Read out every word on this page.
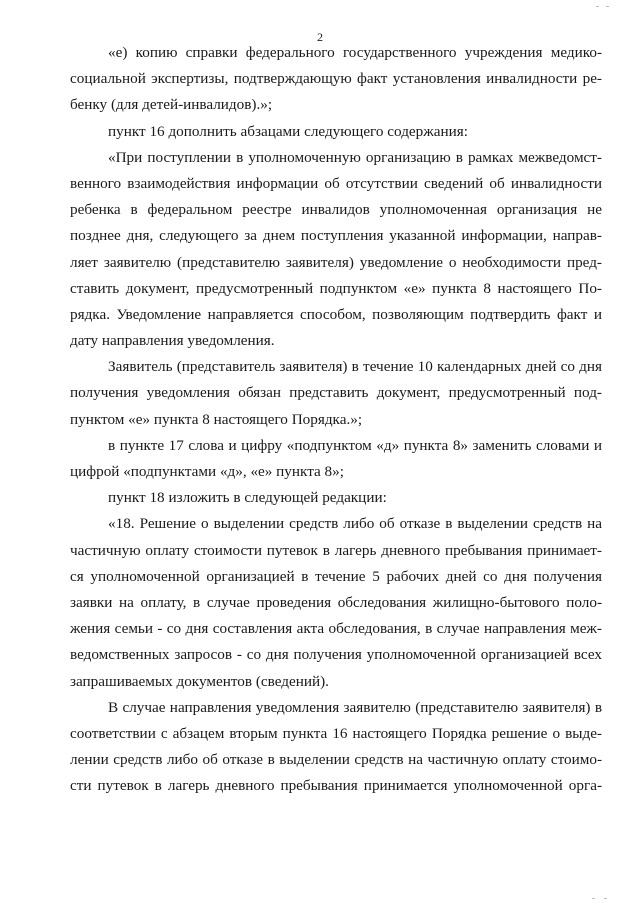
2
«е) копию справки федерального государственного учреждения медико-
социальной экспертизы, подтверждающую факт установления инвалидности ре-
бенку (для детей-инвалидов).»;
пункт 16 дополнить абзацами следующего содержания:
«При поступлении в уполномоченную организацию в рамках межведомст-
венного взаимодействия информации об отсутствии сведений об инвалидности
ребенка в федеральном реестре инвалидов уполномоченная организация не
позднее дня, следующего за днем поступления указанной информации, направ-
ляет заявителю (представителю заявителя) уведомление о необходимости пред-
ставить документ, предусмотренный подпунктом «е» пункта 8 настоящего По-
рядка. Уведомление направляется способом, позволяющим подтвердить факт и
дату направления уведомления.
Заявитель (представитель заявителя) в течение 10 календарных дней со дня
получения уведомления обязан представить документ, предусмотренный под-
пунктом «е» пункта 8 настоящего Порядка.»;
в пункте 17 слова и цифру «подпунктом «д» пункта 8» заменить словами и
цифрой «подпунктами «д», «е» пункта 8»;
пункт 18 изложить в следующей редакции:
«18. Решение о выделении средств либо об отказе в выделении средств на
частичную оплату стоимости путевок в лагерь дневного пребывания принимает-
ся уполномоченной организацией в течение 5 рабочих дней со дня получения
заявки на оплату, в случае проведения обследования жилищно-бытового поло-
жения семьи - со дня составления акта обследования, в случае направления меж-
ведомственных запросов - со дня получения уполномоченной организацией всех
запрашиваемых документов (сведений).
В случае направления уведомления заявителю (представителю заявителя) в
соответствии с абзацем вторым пункта 16 настоящего Порядка решение о выде-
лении средств либо об отказе в выделении средств на частичную оплату стоимо-
сти путевок в лагерь дневного пребывания принимается уполномоченной орга-
